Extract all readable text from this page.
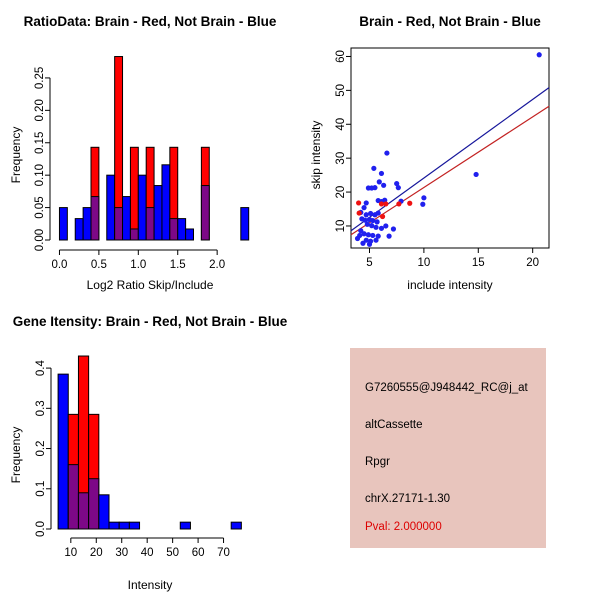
0.0 0.5 1.0 1.5 2.0
0.00
0.05
0.10
0.15
0.20
0.25
RatioData: Brain - Red, Not Brain - Blue
Log2 Ratio Skip/Include
Frequency
5	10	15	20
10
20
30
40
50
60
Brain - Red, Not Brain - Blue
include intensity
skip intensity
10 20 30 40 50 60 70
0.0
0.1
0.2
0.3
0.4
Gene Itensity: Brain - Red, Not Brain - Blue
Intensity
Frequency
G7260555@J948442_RC@j_at
altCassette
Rpgr
chrX.27171-1.30
Pval: 2.000000
